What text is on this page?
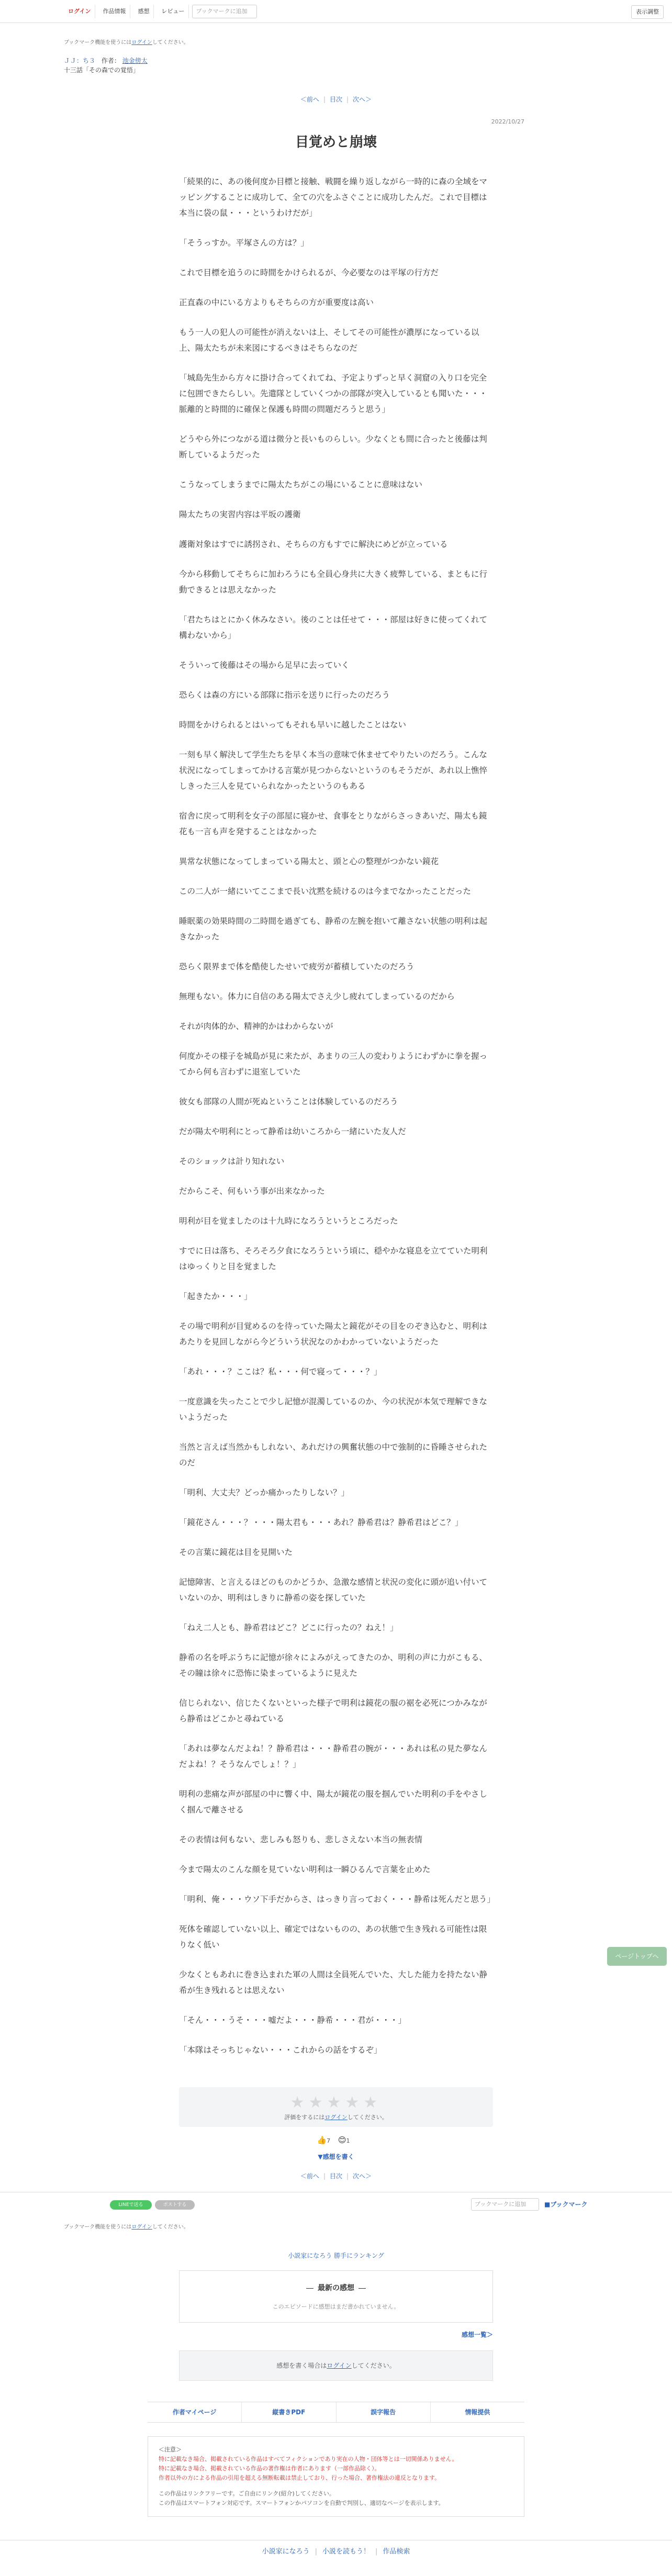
ログイン	作品情報	感想	レビュー	ブックマークに追加	表示調整
ブックマーク機能を使うにはログインしてください。
ＪＪ：ち３ 作者： 池金傍太
十三話「その森での覚悟」
＜前へ | 目次 | 次へ＞
2022/10/27
目覚めと崩壊

「続果的に、あの後何度か目標と接触、戦闘を繰り返しながら一時的に森の全域をマッピングすることに成功して、全ての穴をふさぐことに成功したんだ。これで目標は本当に袋の鼠・・・というわけだが」

「そうっすか。平塚さんの方は？」

これで目標を追うのに時間をかけられるが、今必要なのは平塚の行方だ

正直森の中にいる方よりもそちらの方が重要度は高い

もう一人の犯人の可能性が消えないは上、そしてその可能性が濃厚になっている以上、陽太たちが未来図にするべきはそちらなのだ

「城島先生から方々に掛け合ってくれてね、予定よりずっと早く洞窟の入り口を完全に包囲できたらしい。先遣隊としていくつかの部隊が突入しているとも聞いた・・・脈離的と時間的に確保と保護も時間の問題だろうと思う」

どうやら外につながる道は微分と長いものらしい。少なくとも間に合ったと後藤は判断しているようだった

こうなってしまうまでに陽太たちがこの場にいることに意味はない

陽太たちの実習内容は平坂の護衛

護衛対象はすでに誘拐され、そちらの方もすでに解決にめどが立っている

今から移動してそちらに加わろうにも全員心身共に大きく疲弊している、まともに行動できるとは思えなかった

「君たちはとにかく休みなさい。後のことは任せて・・・部屋は好きに使ってくれて構わないから」

そういって後藤はその場から足早に去っていく

恐らくは森の方にいる部隊に指示を送りに行ったのだろう

時間をかけられるとはいってもそれも早いに越したことはない

一刻も早く解決して学生たちを早く本当の意味で休ませてやりたいのだろう。こんな状況になってしまってかける言葉が見つからないというのもそうだが、あれ以上憔悴しきった三人を見ていられなかったというのもある

宿舎に戻って明利を女子の部屋に寝かせ、食事をとりながらさっきあいだ、陽太も鏡花も一言も声を発することはなかった

異常な状態になってしまっている陽太と、頭と心の整理がつかない鏡花

この二人が一緒にいてここまで長い沈黙を続けるのは今までなかったことだった

睡眠薬の効果時間の二時間を過ぎても、静希の左腕を抱いて離さない状態の明利は起きなかった

恐らく限界まで体を酷使したせいで疲労が蓄積していたのだろう

無理もない。体力に自信のある陽太でさえ少し疲れてしまっているのだから

それが肉体的か、精神的かはわからないが

何度かその様子を城島が見に来たが、あまりの三人の変わりようにわずかに拳を握ってから何も言わずに退室していた

彼女も部隊の人間が死ぬということは体験しているのだろう

だが陽太や明利にとって静希は幼いころから一緒にいた友人だ

そのショックは計り知れない

だからこそ、何もいう事が出来なかった

明利が目を覚ましたのは十九時になろうというところだった

すでに日は落ち、そろそろ夕食になろうという頃に、穏やかな寝息を立てていた明利はゆっくりと目を覚ました

「起きたか・・・」

その場で明利が目覚めるのを待っていた陽太と鏡花がその目をのぞき込むと、明利はあたりを見回しながら今どういう状況なのかわかっていないようだった

「あれ・・・？ここは？私・・・何で寝って・・・？」

一度意識を失ったことで少し記憶が混濁しているのか、今の状況が本気で理解できないようだった

当然と言えば当然かもしれない、あれだけの興奮状態の中で強制的に昏睡させられたのだ

「明利、大丈夫？どっか痛かったりしない？」

「鏡花さん・・・？・・・陽太君も・・・あれ？静希君は？静希君はどこ？」

その言葉に鏡花は目を見開いた

記憶障害、と言えるほどのものかどうか、急激な感情と状況の変化に頭が追い付いていないのか、明利はしきりに静希の姿を探していた

「ねえ二人とも、静希君はどこ？どこに行ったの？ねえ！」

静希の名を呼ぶうちに記憶が徐々によみがえってきたのか、明利の声に力がこもる、その瞳は徐々に恐怖に染まっているように見えた

信じられない、信じたくないといった様子で明利は鏡花の服の裾を必死につかみながら静希はどこかと尋ねている

「あれは夢なんだよね！？静希君は・・・静希君の腕が・・・あれは私の見た夢なんだよね！？そうなんでしょ！？」

明利の悲痛な声が部屋の中に響く中、陽太が鏡花の服を掴んでいた明利の手をやさしく掴んで離させる

その表情は何もない、悲しみも怒りも、悲しさえない本当の無表情

今まで陽太のこんな顔を見ていない明利は一瞬ひるんで言葉を止めた

「明利、俺・・・ウソ下手だからさ、はっきり言っておく・・・静希は死んだと思う」

死体を確認していない以上、確定ではないものの、あの状態で生き残れる可能性は限りなく低い

少なくともあれに巻き込まれた軍の人間は全員死んでいた、大した能力を持たない静希が生き残れるとは思えない

「そん・・・うそ・・・嘘だよ・・・静希・・・君が・・・」

「本隊はそっちじゃない・・・これからの話をするぞ」

ページトップへ
★★★★★
評価をするにはログインしてください。
👍7 😊1
▼感想を書く
＜前へ | 目次 | 次へ＞
LINEで送る	ポストする	ブックマークに追加	■ブックマーク
ブックマーク機能を使うにはログインしてください。
小説家になろう 勝手にランキング
最新の感想
このエピソードに感想はまだ書かれていません。
感想一覧＞
感想を書く場合はログインしてください。
作者マイページ	縦書きPDF	誤字報告	情報提供
＜注意＞
特に記載なき場合、掲載されている作品はすべてフィクションであり実在の人物・団体等とは一切関係ありません。
特に記載なき場合、掲載されている作品の著作権は作者にあります（一部作品除く）。
作者以外の方による作品の引用を超える無断転載は禁止しており、行った場合、著作権法の違反となります。
この作品はリンクフリーです。ご自由にリンク(紹介)してください。
この作品はスマートフォン対応です。スマートフォンかパソコンを自動で判別し、適切なページを表示します。
小説家になろう | 小説を読もう！ | 作品検索
